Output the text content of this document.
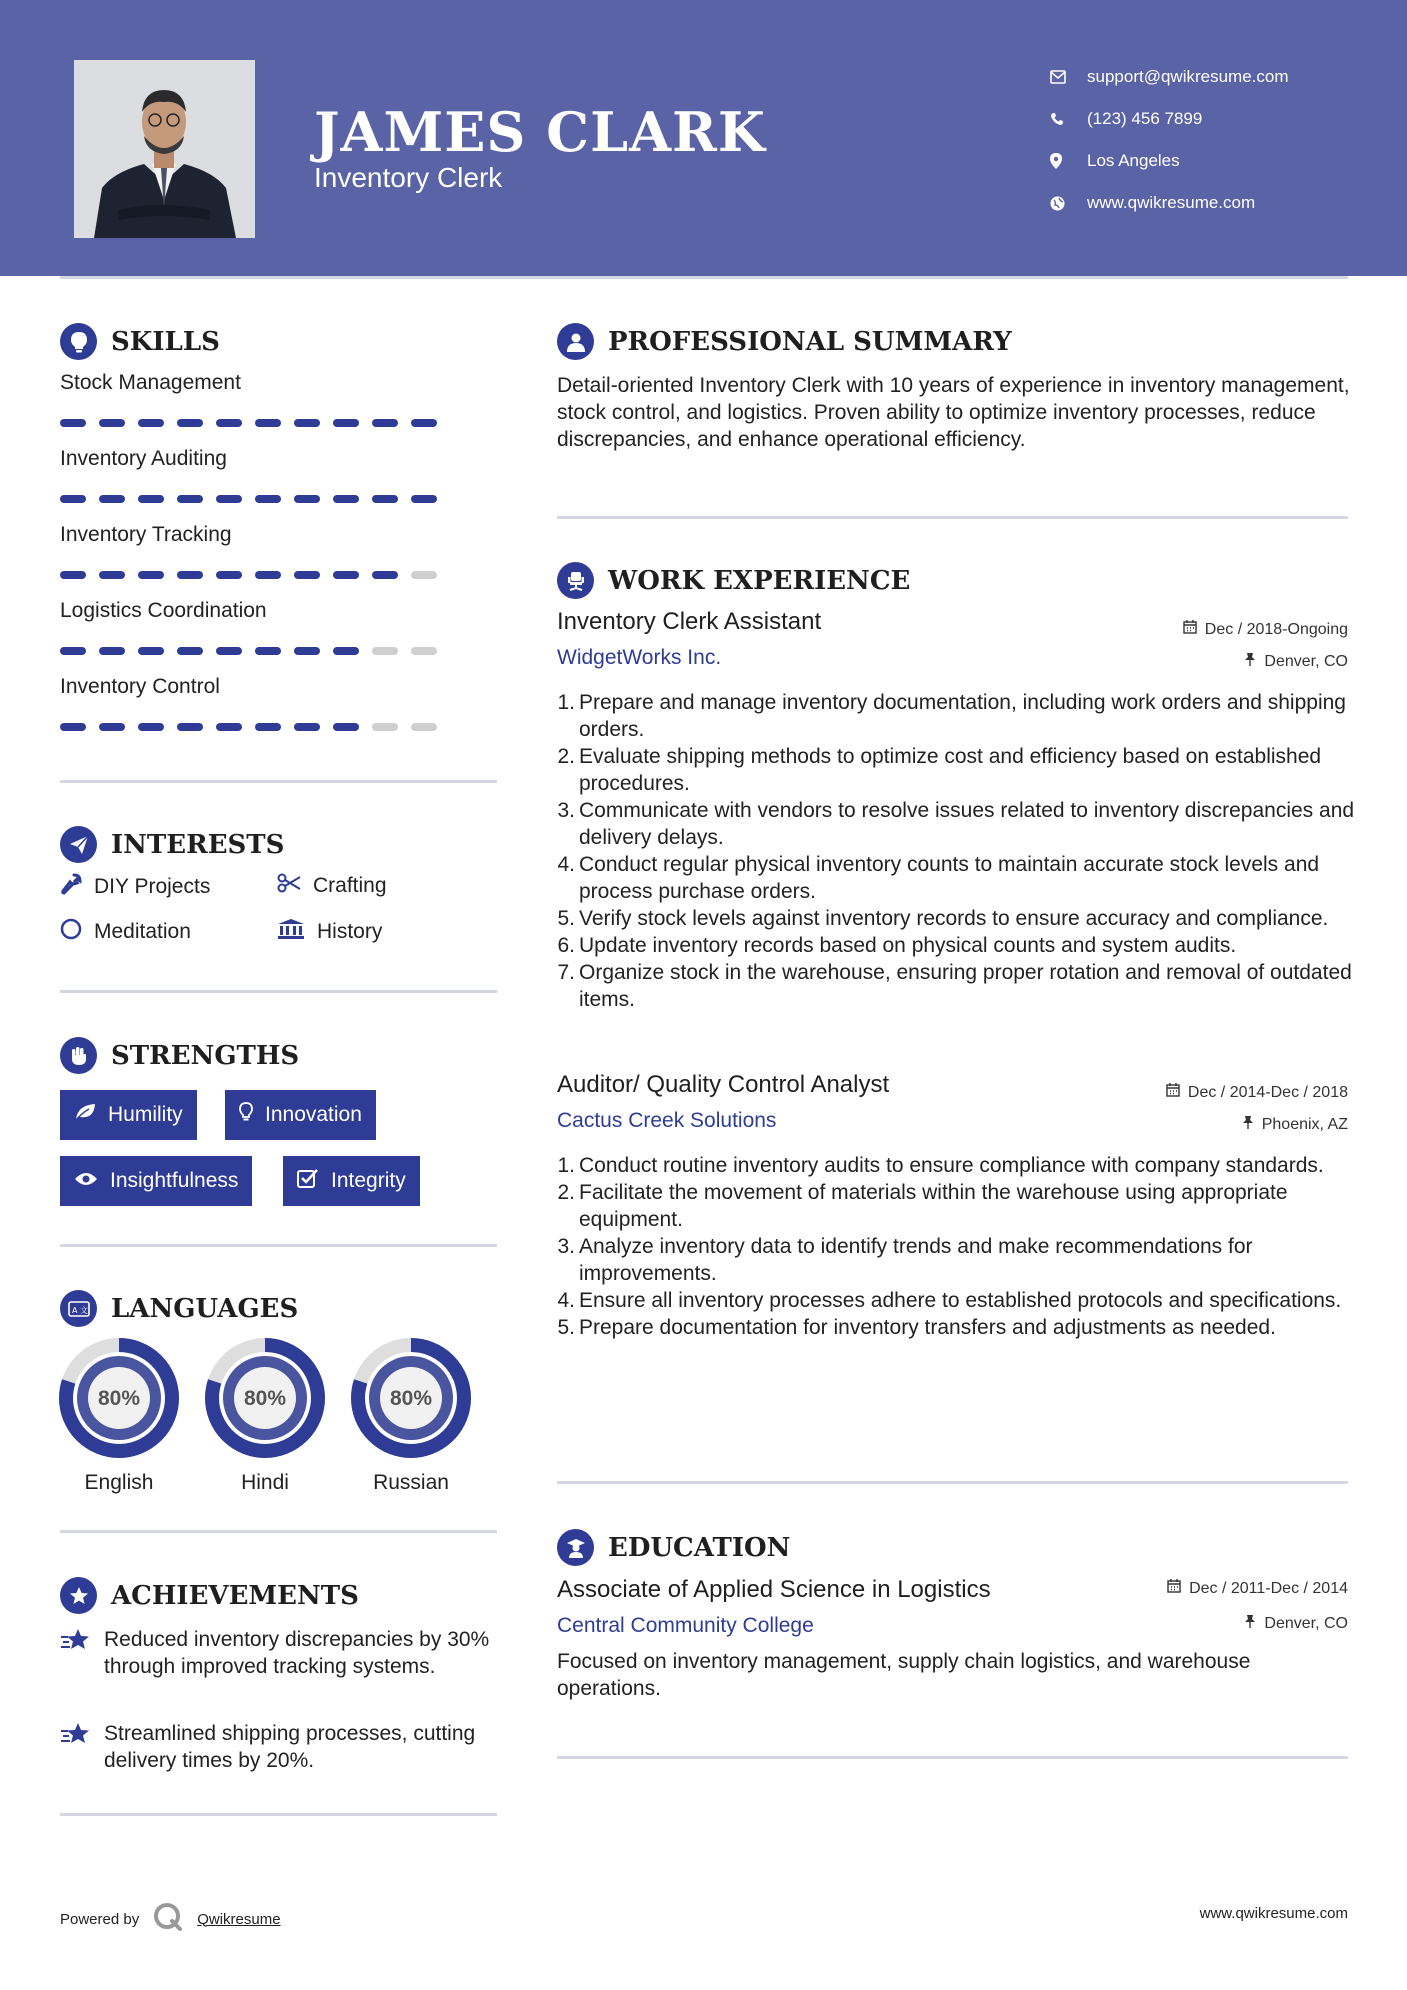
JAMES CLARK
Inventory Clerk
support@qwikresume.com
(123) 456 7899
Los Angeles
www.qwikresume.com
SKILLS
Stock Management
Inventory Auditing
Inventory Tracking
Logistics Coordination
Inventory Control
INTERESTS
DIY Projects	Crafting
Meditation	History
STRENGTHS
Humility	Innovation
Insightfulness	Integrity
A 文 LANGUAGES
80%
English
80%
Hindi
80%
Russian
ACHIEVEMENTS
Reduced inventory discrepancies by 30% through improved tracking systems.
Streamlined shipping processes, cutting delivery times by 20%.
PROFESSIONAL SUMMARY
Detail-oriented Inventory Clerk with 10 years of experience in inventory management, stock control, and logistics. Proven ability to optimize inventory processes, reduce discrepancies, and enhance operational efficiency.
WORK EXPERIENCE
Inventory Clerk Assistant
WidgetWorks Inc.
Dec / 2018-Ongoing
Denver, CO
1. Prepare and manage inventory documentation, including work orders and shipping orders.
2. Evaluate shipping methods to optimize cost and efficiency based on established procedures.
3. Communicate with vendors to resolve issues related to inventory discrepancies and delivery delays.
4. Conduct regular physical inventory counts to maintain accurate stock levels and process purchase orders.
5. Verify stock levels against inventory records to ensure accuracy and compliance.
6. Update inventory records based on physical counts and system audits.
7. Organize stock in the warehouse, ensuring proper rotation and removal of outdated items.
Auditor/ Quality Control Analyst
Cactus Creek Solutions
Dec / 2014-Dec / 2018
Phoenix, AZ
1. Conduct routine inventory audits to ensure compliance with company standards.
2. Facilitate the movement of materials within the warehouse using appropriate equipment.
3. Analyze inventory data to identify trends and make recommendations for improvements.
4. Ensure all inventory processes adhere to established protocols and specifications.
5. Prepare documentation for inventory transfers and adjustments as needed.
EDUCATION
Associate of Applied Science in Logistics
Central Community College
Dec / 2011-Dec / 2014
Denver, CO
Focused on inventory management, supply chain logistics, and warehouse operations.
Powered by	Qwikresume	www.qwikresume.com
